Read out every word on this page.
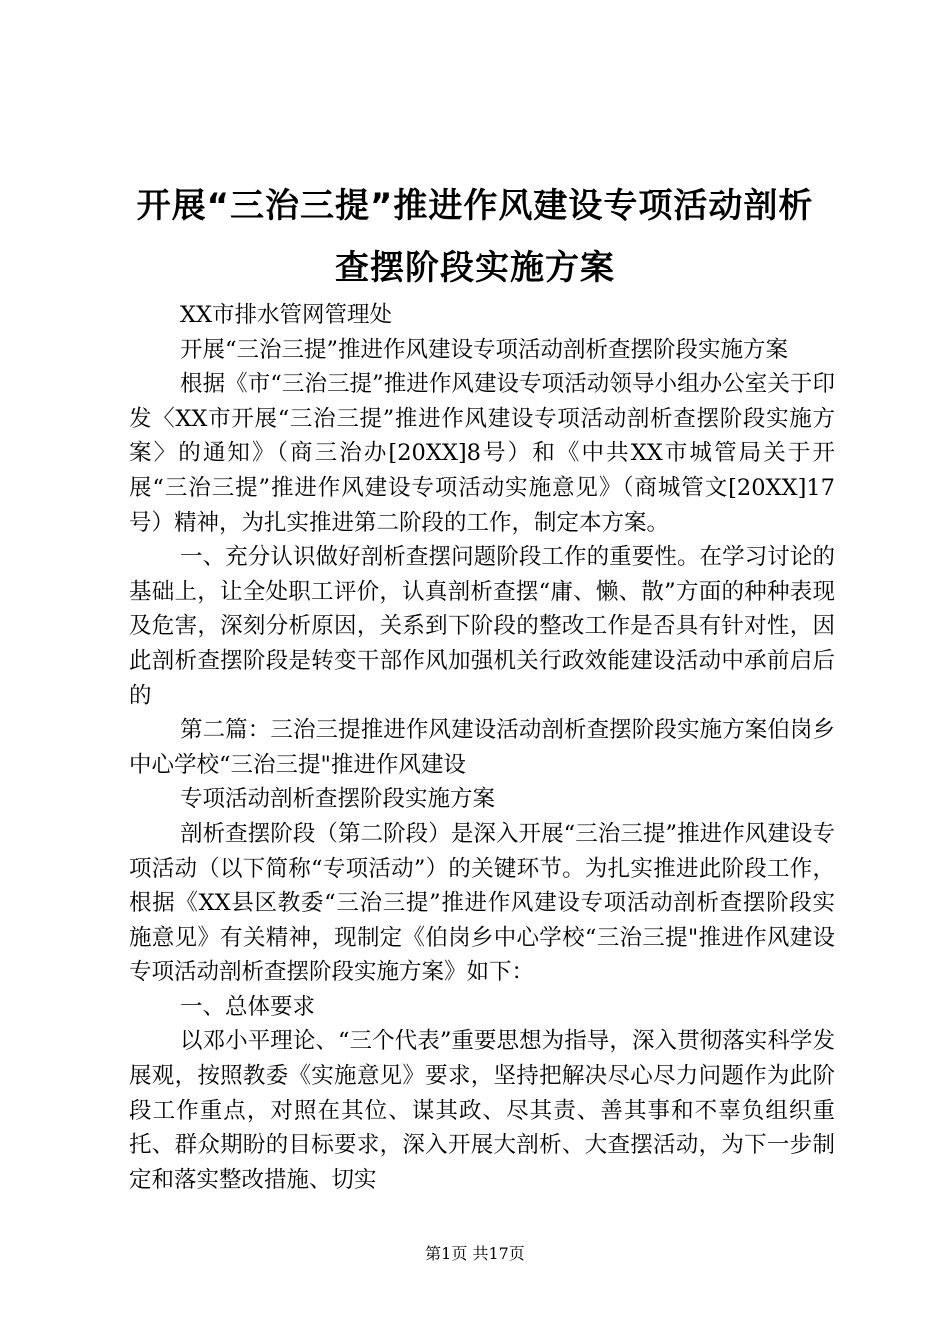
开展“三治三提”推进作风建设专项活动剖析
查摆阶段实施方案

XX市排水管网管理处

开展“三治三提”推进作风建设专项活动剖析查摆阶段实施方案

根据《市“三治三提”推进作风建设专项活动领导小组办公室关于印发〈XX市开展“三治三提”推进作风建设专项活动剖析查摆阶段实施方案〉的通知》（商三治办[20XX]8号）和《中共XX市城管局关于开展“三治三提”推进作风建设专项活动实施意见》（商城管文[20XX]17号）精神，为扎实推进第二阶段的工作，制定本方案。

一、充分认识做好剖析查摆问题阶段工作的重要性。在学习讨论的基础上，让全处职工评价，认真剖析查摆“庸、懒、散”方面的种种表现及危害，深刻分析原因，关系到下阶段的整改工作是否具有针对性，因此剖析查摆阶段是转变干部作风加强机关行政效能建设活动中承前启后的

第二篇：三治三提推进作风建设活动剖析查摆阶段实施方案伯岗乡中心学校“三治三提"推进作风建设

专项活动剖析查摆阶段实施方案

剖析查摆阶段（第二阶段）是深入开展“三治三提”推进作风建设专项活动（以下简称“专项活动”）的关键环节。为扎实推进此阶段工作，根据《XX县区教委“三治三提”推进作风建设专项活动剖析查摆阶段实施意见》有关精神，现制定《伯岗乡中心学校“三治三提"推进作风建设专项活动剖析查摆阶段实施方案》如下：

一、总体要求

以邓小平理论、“三个代表”重要思想为指导，深入贯彻落实科学发展观，按照教委《实施意见》要求，坚持把解决尽心尽力问题作为此阶段工作重点，对照在其位、谋其政、尽其责、善其事和不辜负组织重托、群众期盼的目标要求，深入开展大剖析、大查摆活动，为下一步制定和落实整改措施、切实

第1页 共17页
